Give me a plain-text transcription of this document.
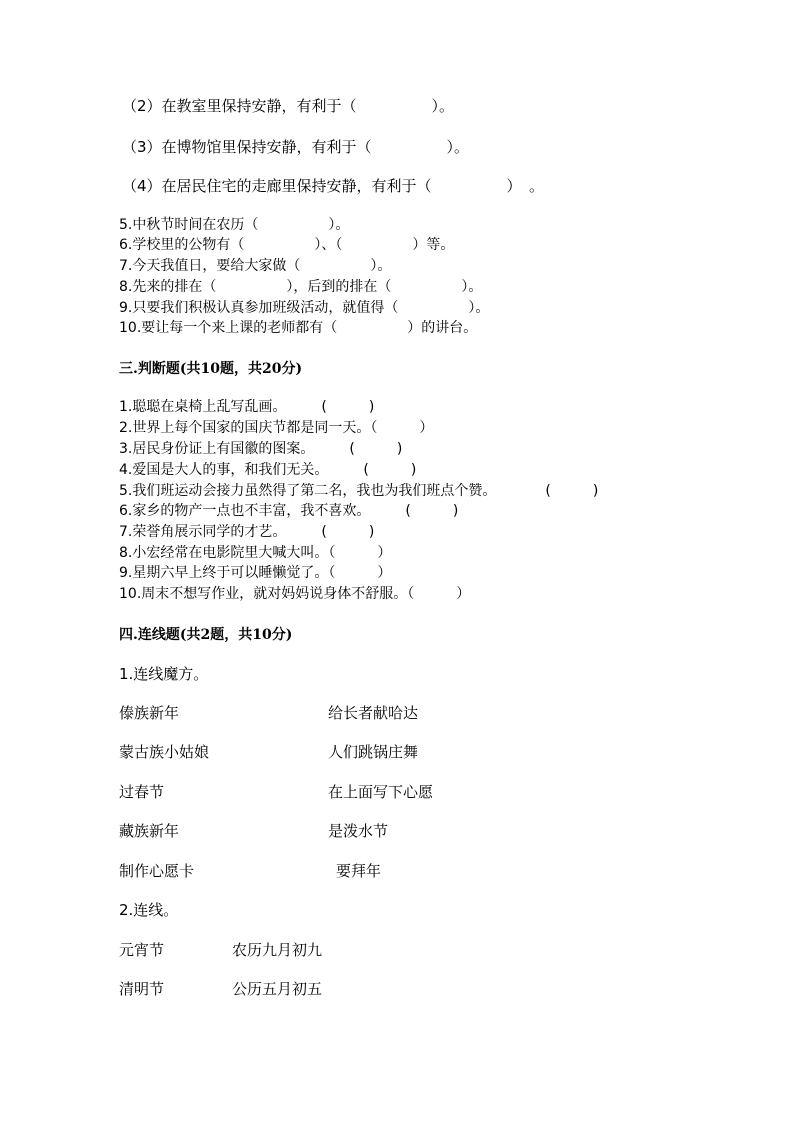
（2）在教室里保持安静，有利于（　　　　　）。
（3）在博物馆里保持安静，有利于（　　　　　）。
（4）在居民住宅的走廊里保持安静，有利于（　　　　　）　。
5.中秋节时间在农历（　　　　　）。
6.学校里的公物有（　　　　　）、（　　　　　）等。
7.今天我值日，要给大家做（　　　　　）。
8.先来的排在（　　　　　），后到的排在（　　　　　）。
9.只要我们积极认真参加班级活动，就值得（　　　　　）。
10.要让每一个来上课的老师都有（　　　　　）的讲台。
三.判断题(共10题，共20分)
1.聪聪在桌椅上乱写乱画。　　　(　　　)
2.世界上每个国家的国庆节都是同一天。（　　　）
3.居民身份证上有国徽的图案。　　　(　　　)
4.爱国是大人的事，和我们无关。　　　(　　　)
5.我们班运动会接力虽然得了第二名，我也为我们班点个赞。　　　　(　　　)
6.家乡的物产一点也不丰富，我不喜欢。　　　(　　　)
7.荣誉角展示同学的才艺。　　　(　　　)
8.小宏经常在电影院里大喊大叫。（　　　）
9.星期六早上终于可以睡懒觉了。（　　　）
10.周末不想写作业，就对妈妈说身体不舒服。（　　　）
四.连线题(共2题，共10分)
1.连线魔方。
傣族新年	给长者献哈达
蒙古族小姑娘	人们跳锅庄舞
过春节	在上面写下心愿
藏族新年	是泼水节
制作心愿卡	要拜年
2.连线。
元宵节	农历九月初九
清明节	公历五月初五
